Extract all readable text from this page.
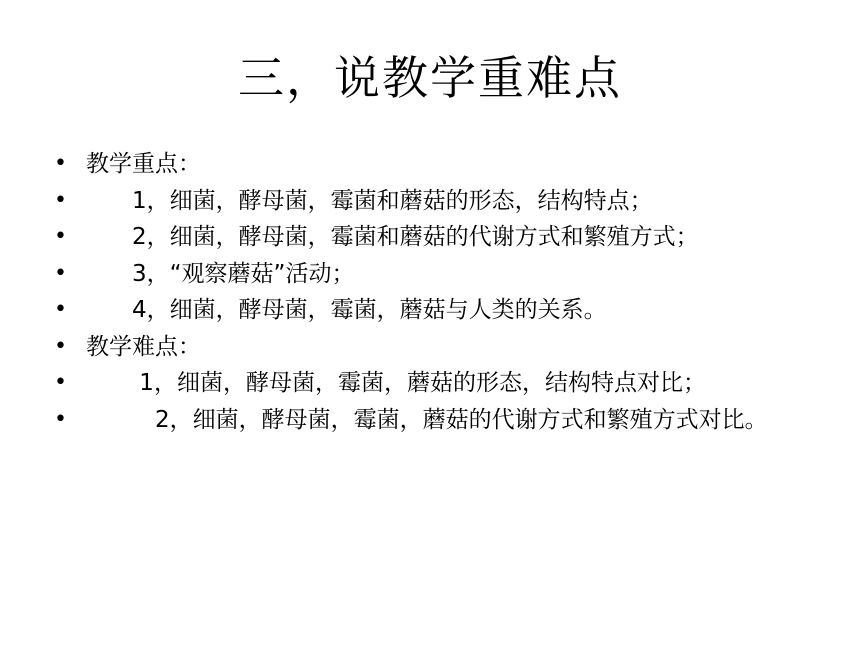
三，说教学重难点
• 教学重点：
• 　　1，细菌，酵母菌，霉菌和蘑菇的形态，结构特点；
• 　　2，细菌，酵母菌，霉菌和蘑菇的代谢方式和繁殖方式；
• 　　3，“观察蘑菇”活动；
• 　　4，细菌，酵母菌，霉菌，蘑菇与人类的关系。
• 教学难点：
• 　　 1，细菌，酵母菌，霉菌，蘑菇的形态，结构特点对比；
• 　　　2，细菌，酵母菌，霉菌，蘑菇的代谢方式和繁殖方式对比。
